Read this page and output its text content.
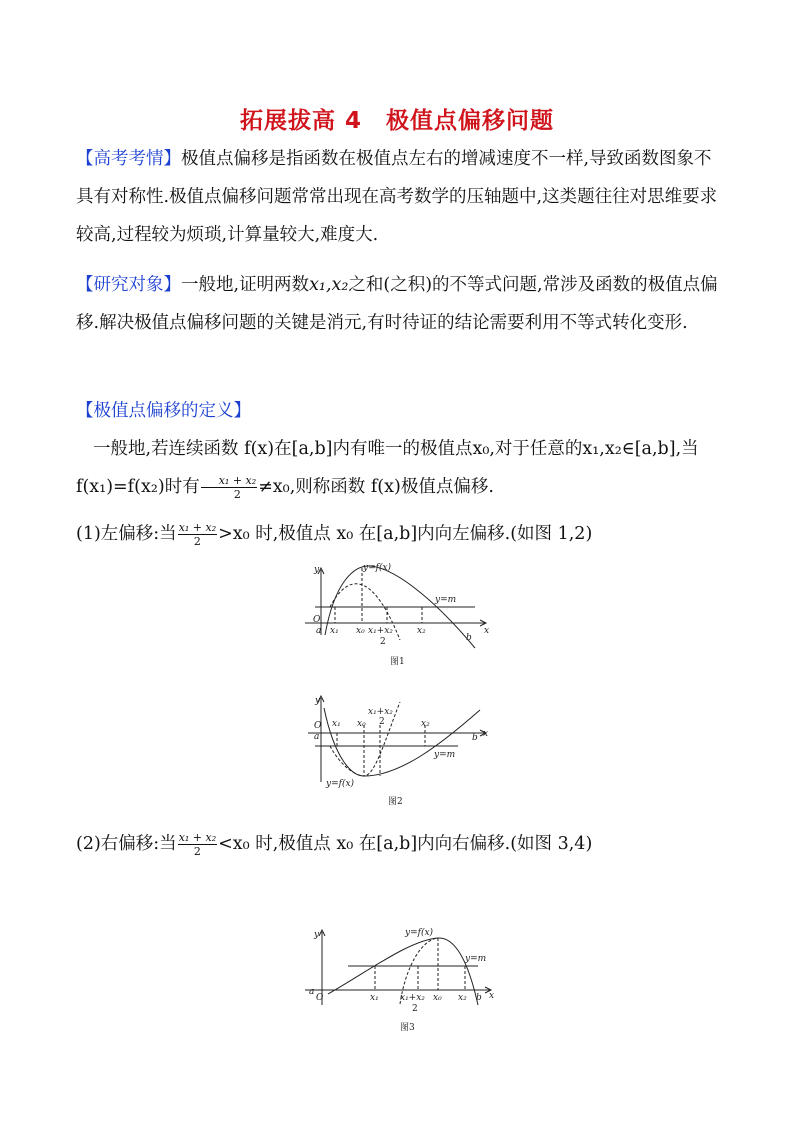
拓展拔高 4　极值点偏移问题
【高考考情】极值点偏移是指函数在极值点左右的增减速度不一样,导致函数图象不具有对称性.极值点偏移问题常常出现在高考数学的压轴题中,这类题往往对思维要求较高,过程较为烦琐,计算量较大,难度大.
【研究对象】一般地,证明两数x₁,x₂之和(之积)的不等式问题,常涉及函数的极值点偏移.解决极值点偏移问题的关键是消元,有时待证的结论需要利用不等式转化变形.
【极值点偏移的定义】
一般地,若连续函数 f(x)在[a,b]内有唯一的极值点x₀,对于任意的x₁,x₂∈[a,b],当
f(x₁)=f(x₂)时有 $\frac{\text{x₁ + x₂}}{2} \ne x_0$,则称函数 f(x)极值点偏移.
(1)左偏移:当 $\frac{\text{x₁ + x₂}}{2} >x_0$ 时,极值点 x₀ 在[a,b]内向左偏移.(如图 1,2)
y
x
O
a
b
x₁ x₀ x₁+x₂
2
x₂
y=f(x)
y=m
图1
y
x
O
a	b
x₁ x₀
x₁+x₂
2	x₂
y=f(x)
y=m
图2
(2)右偏移:当 $\frac{\text{x₁ + x₂}}{2} <x_0$ 时,极值点 x₀ 在[a,b]内向右偏移.(如图 3,4)
y
x
O
a
b
x₁ x₁+x₂
2
x₀ x₂
y=f(x)
y=m
图3
